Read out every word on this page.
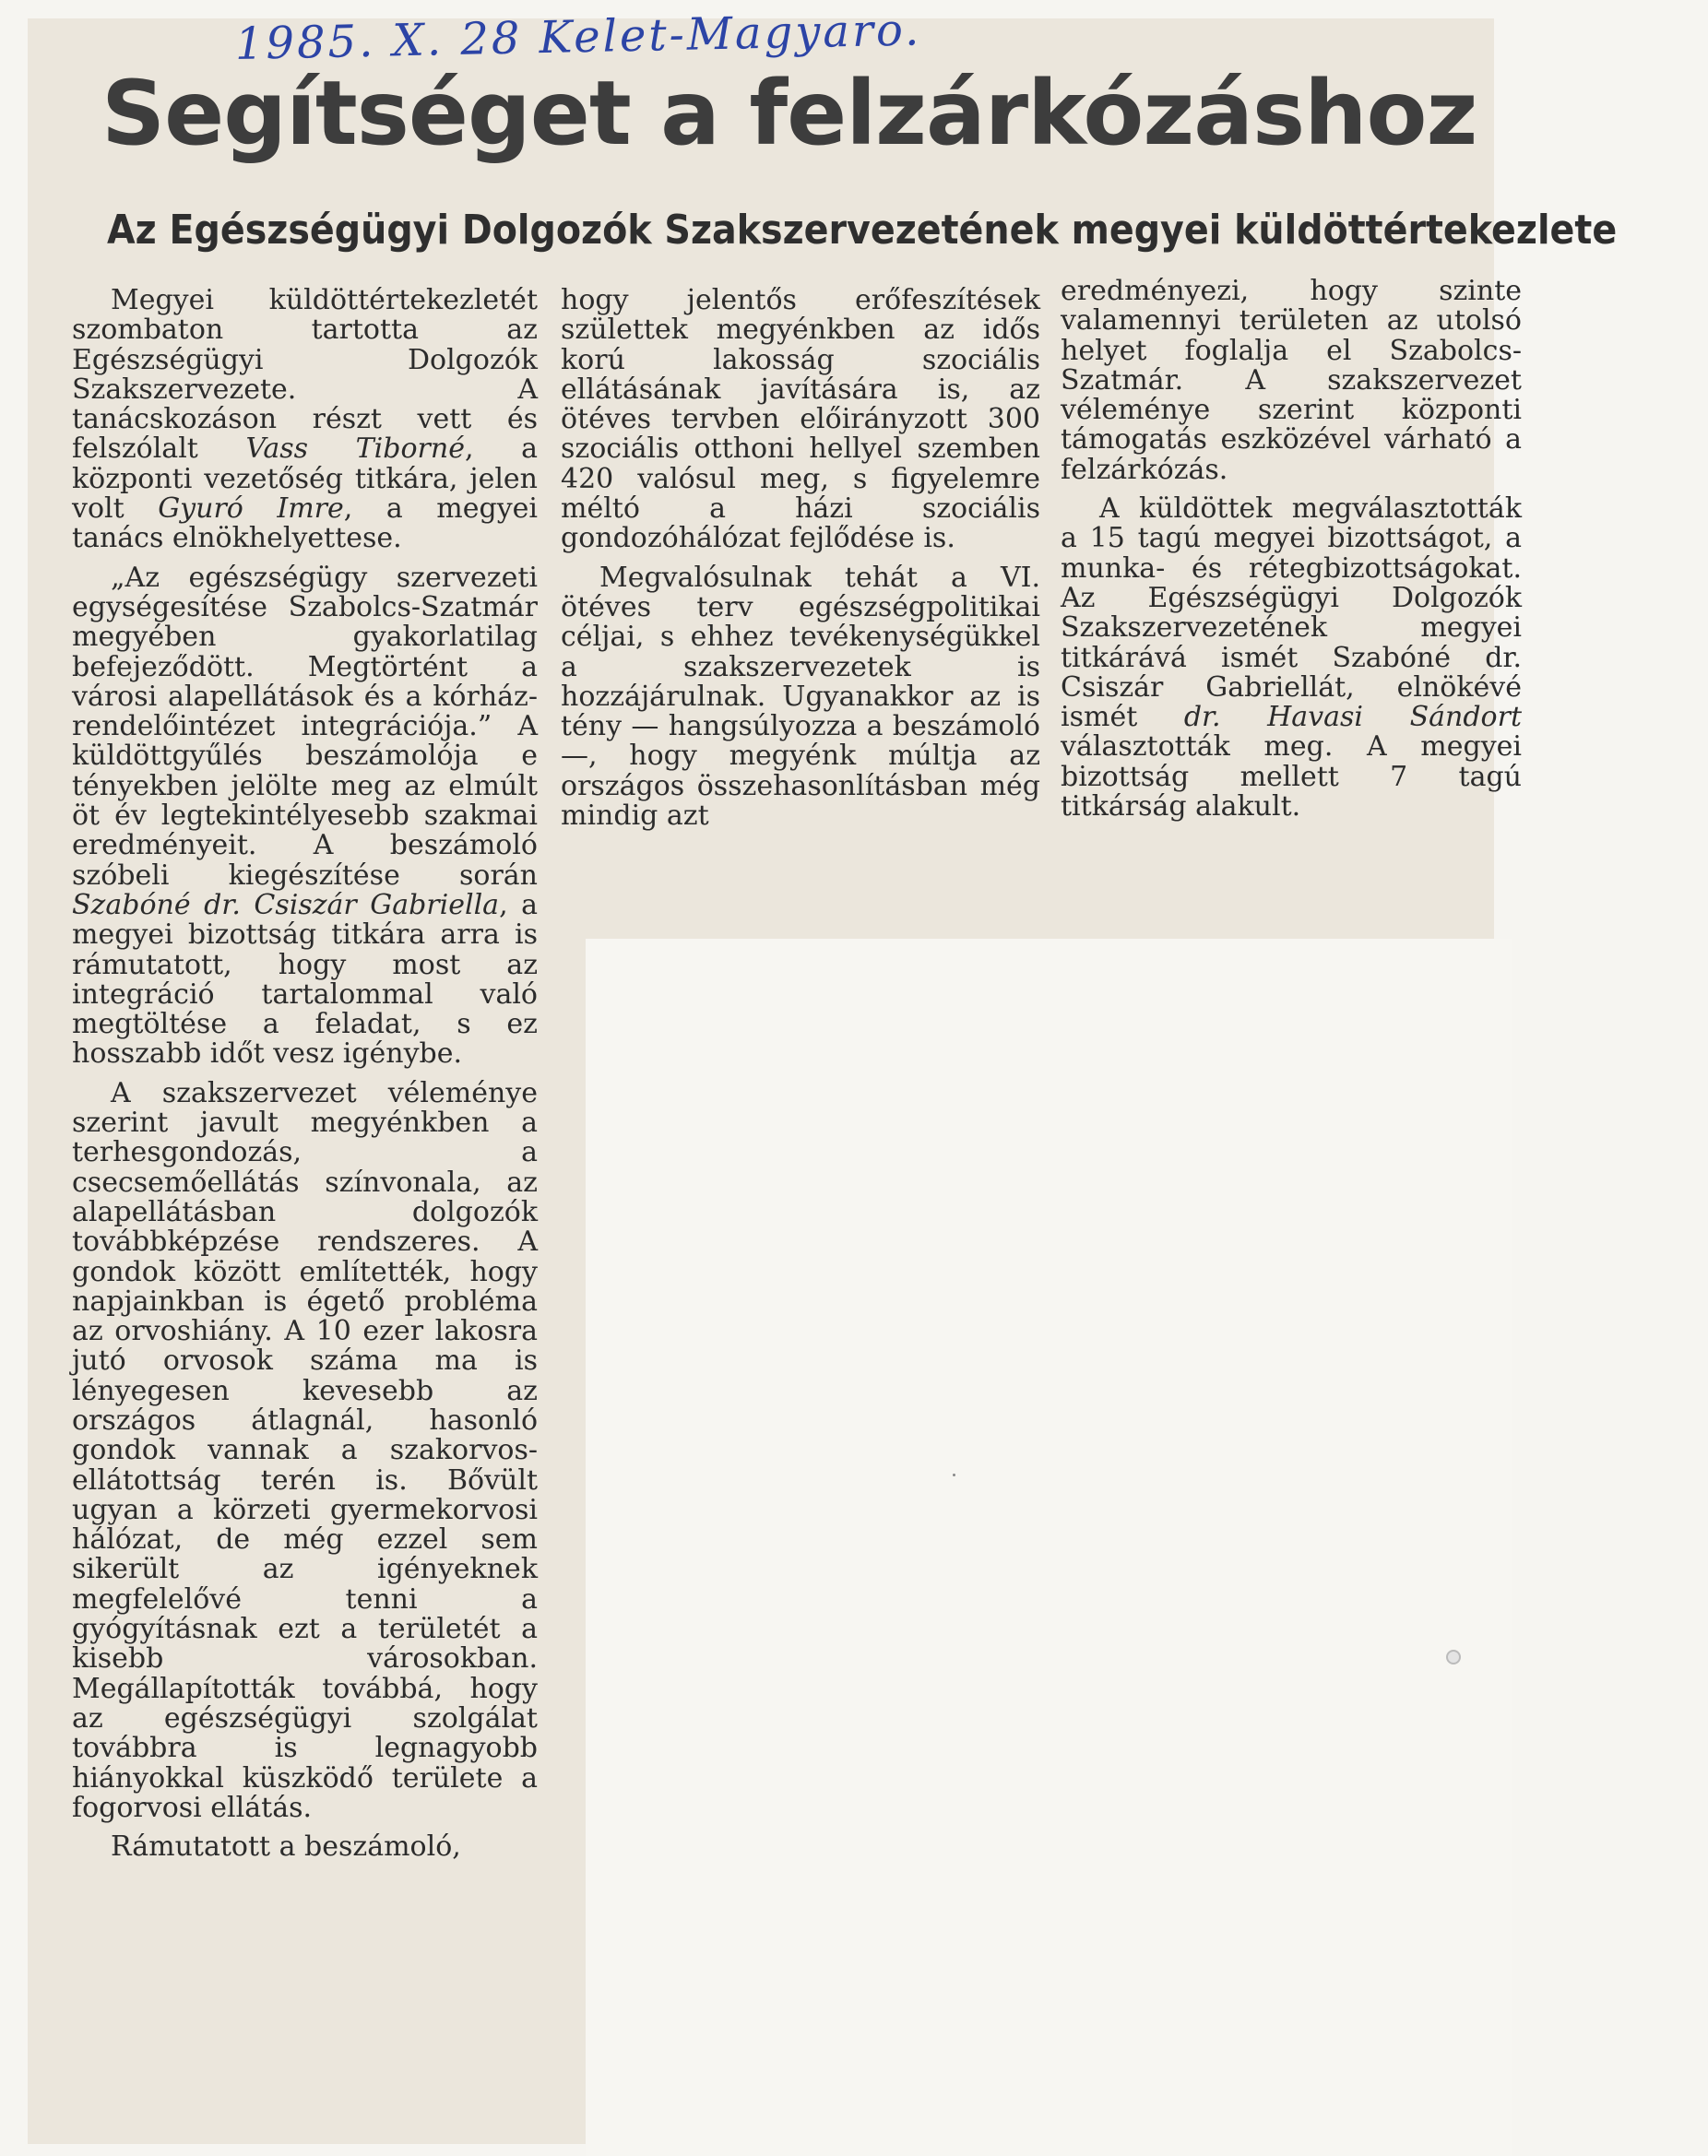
1985. X. 28 Kelet-Magyaro.
Segítséget a felzárkózáshoz
Az Egészségügyi Dolgozók Szakszervezetének megyei küldöttértekezlete

Megyei küldöttértekezletét szombaton tartotta az Egészségügyi Dolgozók Szakszervezete. A tanácskozáson részt vett és felszólalt Vass Tiborné, a központi vezetőség titkára, jelen volt Gyuró Imre, a megyei tanács elnökhelyettese.

„Az egészségügy szervezeti egységesítése Szabolcs-Szatmár megyében gyakorlatilag befejeződött. Megtörtént a városi alapellátások és a kórház-rendelőintézet integrációja.” A küldöttgyűlés beszámolója e tényekben jelölte meg az elmúlt öt év legtekintélyesebb szakmai eredményeit. A beszámoló szóbeli kiegészítése során Szabóné dr. Csiszár Gabriella, a megyei bizottság titkára arra is rámutatott, hogy most az integráció tartalommal való megtöltése a feladat, s ez hosszabb időt vesz igénybe.

A szakszervezet véleménye szerint javult megyénkben a terhesgondozás, a csecsemőellátás színvonala, az alapellátásban dolgozók továbbképzése rendszeres. A gondok között említették, hogy napjainkban is égető probléma az orvoshiány. A 10 ezer lakosra jutó orvosok száma ma is lényegesen kevesebb az országos átlagnál, hasonló gondok vannak a szakorvos-ellátottság terén is. Bővült ugyan a körzeti gyermekorvosi hálózat, de még ezzel sem sikerült az igényeknek megfelelővé tenni a gyógyításnak ezt a területét a kisebb városokban. Megállapították továbbá, hogy az egészségügyi szolgálat továbbra is legnagyobb hiányokkal küszködő területe a fogorvosi ellátás.

Rámutatott a beszámoló,

hogy jelentős erőfeszítések születtek megyénkben az idős korú lakosság szociális ellátásának javítására is, az ötéves tervben előirányzott 300 szociális otthoni hellyel szemben 420 valósul meg, s figyelemre méltó a házi szociális gondozóhálózat fejlődése is.

Megvalósulnak tehát a VI. ötéves terv egészségpolitikai céljai, s ehhez tevékenységükkel a szakszervezetek is hozzájárulnak. Ugyanakkor az is tény — hangsúlyozza a beszámoló —, hogy megyénk múltja az országos összehasonlításban még mindig azt

eredményezi, hogy szinte valamennyi területen az utolsó helyet foglalja el Szabolcs-Szatmár. A szakszervezet véleménye szerint központi támogatás eszközével várható a felzárkózás.

A küldöttek megválasztották a 15 tagú megyei bizottságot, a munka- és rétegbizottságokat. Az Egészségügyi Dolgozók Szakszervezetének megyei titkárává ismét Szabóné dr. Csiszár Gabriellát, elnökévé ismét dr. Havasi Sándort választották meg. A megyei bizottság mellett 7 tagú titkárság alakult.
